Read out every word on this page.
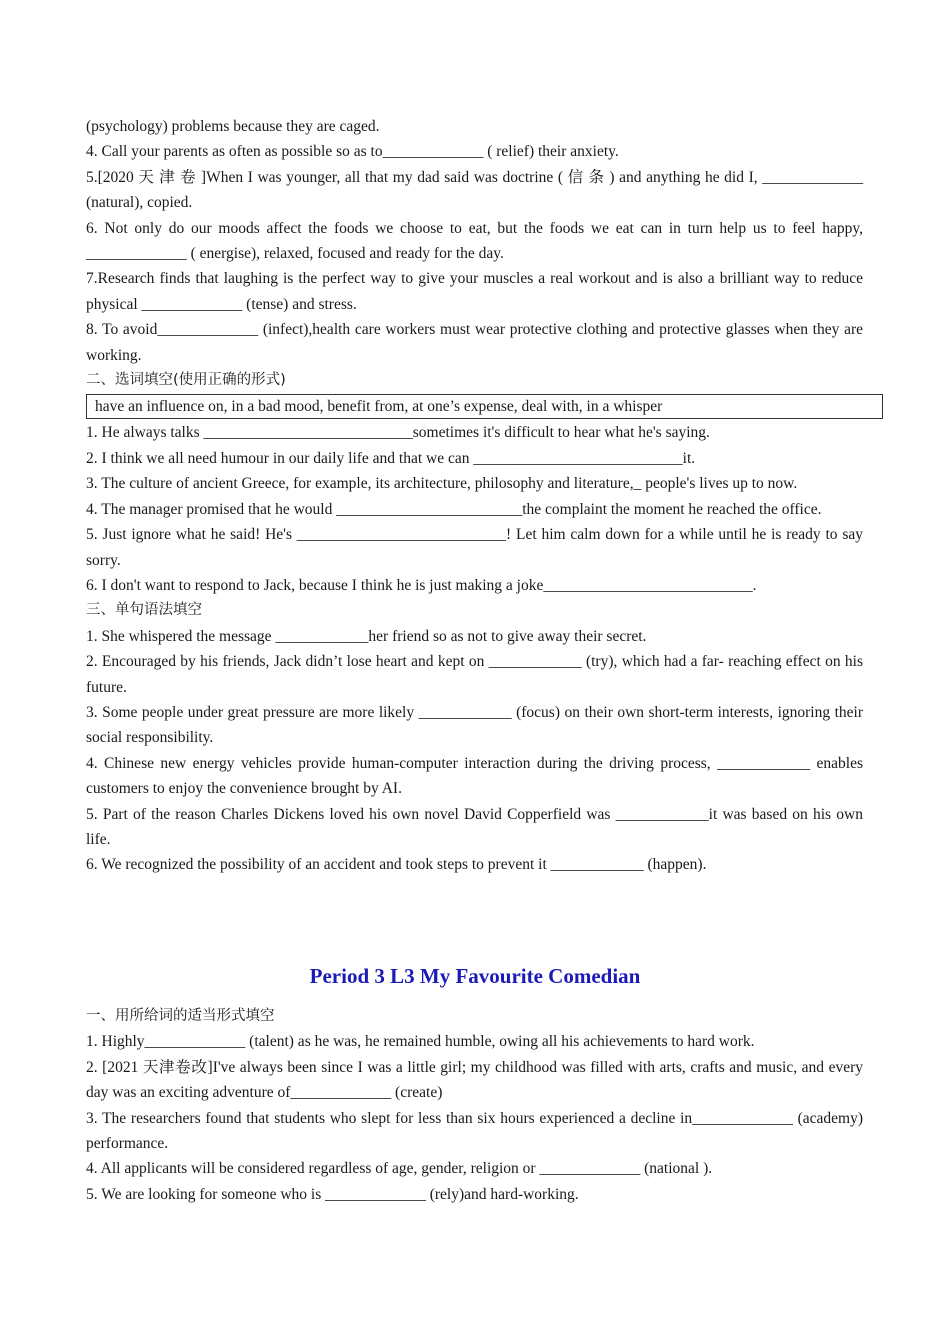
(psychology) problems because they are caged.

4. Call your parents as often as possible so as to_____________ ( relief) their anxiety.

5.[2020 天 津 卷 ]When I was younger, all that my dad said was doctrine ( 信 条 ) and anything he did I, _____________ (natural), copied.

6. Not only do our moods affect the foods we choose to eat, but the foods we eat can in turn help us to feel happy, _____________ ( energise), relaxed, focused and ready for the day.

7.Research finds that laughing is the perfect way to give your muscles a real workout and is also a brilliant way to reduce physical _____________ (tense) and stress.

8. To avoid_____________ (infect),health care workers must wear protective clothing and protective glasses when they are working.

二、选词填空(使用正确的形式)

have an influence on, in a bad mood, benefit from, at one’s expense, deal with, in a whisper

1. He always talks ___________________________sometimes it's difficult to hear what he's saying.

2. I think we all need humour in our daily life and that we can ___________________________it.

3. The culture of ancient Greece, for example, its architecture, philosophy and literature,_ people's lives up to now.

4. The manager promised that he would ________________________the complaint the moment he reached the office.

5. Just ignore what he said! He's ___________________________! Let him calm down for a while until he is ready to say sorry.

6. I don't want to respond to Jack, because I think he is just making a joke___________________________.

三、单句语法填空

1. She whispered the message ____________her friend so as not to give away their secret.

2. Encouraged by his friends, Jack didn’t lose heart and kept on ____________ (try), which had a far- reaching effect on his future.

3. Some people under great pressure are more likely ____________ (focus) on their own short-term interests, ignoring their social responsibility.

4. Chinese new energy vehicles provide human-computer interaction during the driving process, ____________ enables customers to enjoy the convenience brought by AI.

5. Part of the reason Charles Dickens loved his own novel David Copperfield was ____________it was based on his own life.

6. We recognized the possibility of an accident and took steps to prevent it ____________ (happen).

Period 3 L3 My Favourite Comedian

一、用所给词的适当形式填空

1. Highly_____________ (talent) as he was, he remained humble, owing all his achievements to hard work.

2. [2021 天津卷改]I've always been since I was a little girl; my childhood was filled with arts, crafts and music, and every day was an exciting adventure of_____________ (create)

3. The researchers found that students who slept for less than six hours experienced a decline in_____________ (academy) performance.

4. All applicants will be considered regardless of age, gender, religion or _____________ (national ).

5. We are looking for someone who is _____________ (rely)and hard-working.
